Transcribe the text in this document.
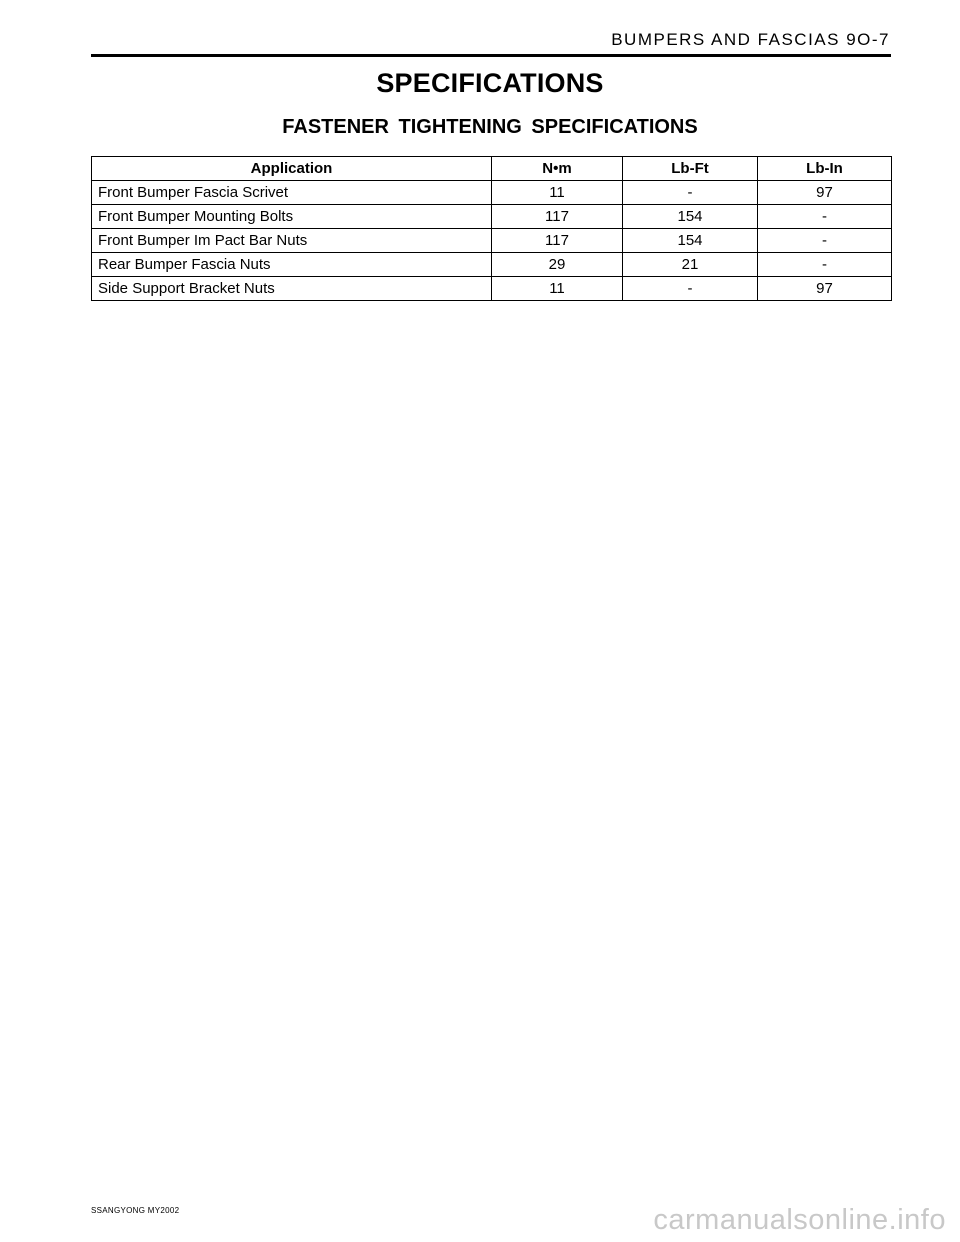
BUMPERS AND FASCIAS 9O-7
SPECIFICATIONS
FASTENER TIGHTENING SPECIFICATIONS
Application	N•m	Lb-Ft	Lb-In
Front Bumper Fascia Scrivet	11	-	97
Front Bumper Mounting Bolts	117	154	-
Front Bumper Im Pact Bar Nuts	117	154	-
Rear Bumper Fascia Nuts	29	21	-
Side Support Bracket Nuts	11	-	97
SSANGYONG MY2002	carmanualsonline.info
